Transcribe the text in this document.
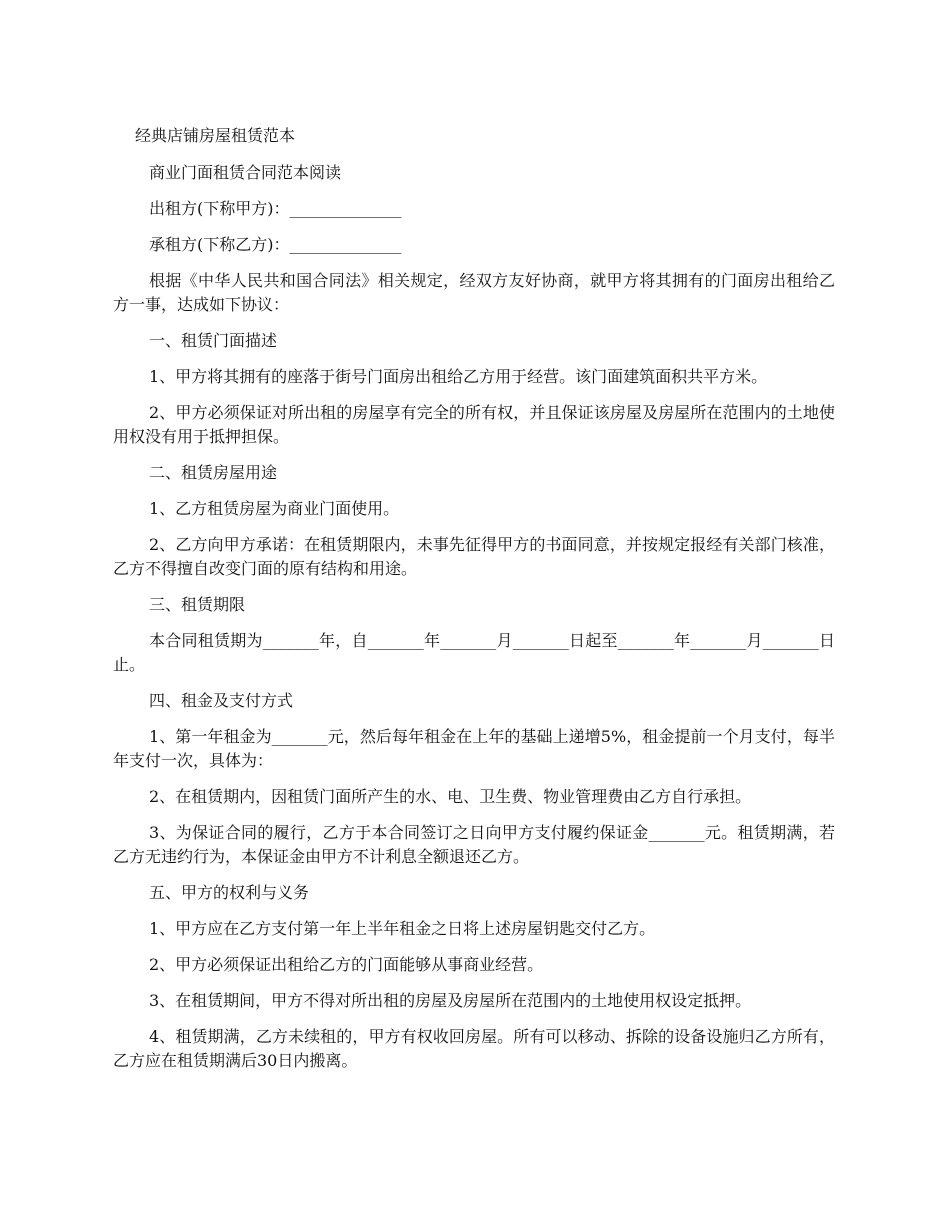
经典店铺房屋租赁范本

商业门面租赁合同范本阅读

出租方(下称甲方)：______________

承租方(下称乙方)：______________

根据《中华人民共和国合同法》相关规定，经双方友好协商，就甲方将其拥有的门面房出租给乙方一事，达成如下协议：

一、租赁门面描述

1、甲方将其拥有的座落于街号门面房出租给乙方用于经营。该门面建筑面积共平方米。

2、甲方必须保证对所出租的房屋享有完全的所有权，并且保证该房屋及房屋所在范围内的土地使用权没有用于抵押担保。

二、租赁房屋用途

1、乙方租赁房屋为商业门面使用。

2、乙方向甲方承诺：在租赁期限内，未事先征得甲方的书面同意，并按规定报经有关部门核准，乙方不得擅自改变门面的原有结构和用途。

三、租赁期限

本合同租赁期为_______年，自_______年_______月_______日起至_______年_______月_______日止。

四、租金及支付方式

1、第一年租金为_______元，然后每年租金在上年的基础上递增5%，租金提前一个月支付，每半年支付一次，具体为：

2、在租赁期内，因租赁门面所产生的水、电、卫生费、物业管理费由乙方自行承担。

3、为保证合同的履行，乙方于本合同签订之日向甲方支付履约保证金_______元。租赁期满，若乙方无违约行为，本保证金由甲方不计利息全额退还乙方。

五、甲方的权利与义务

1、甲方应在乙方支付第一年上半年租金之日将上述房屋钥匙交付乙方。

2、甲方必须保证出租给乙方的门面能够从事商业经营。

3、在租赁期间，甲方不得对所出租的房屋及房屋所在范围内的土地使用权设定抵押。

4、租赁期满，乙方未续租的，甲方有权收回房屋。所有可以移动、拆除的设备设施归乙方所有，乙方应在租赁期满后30日内搬离。
